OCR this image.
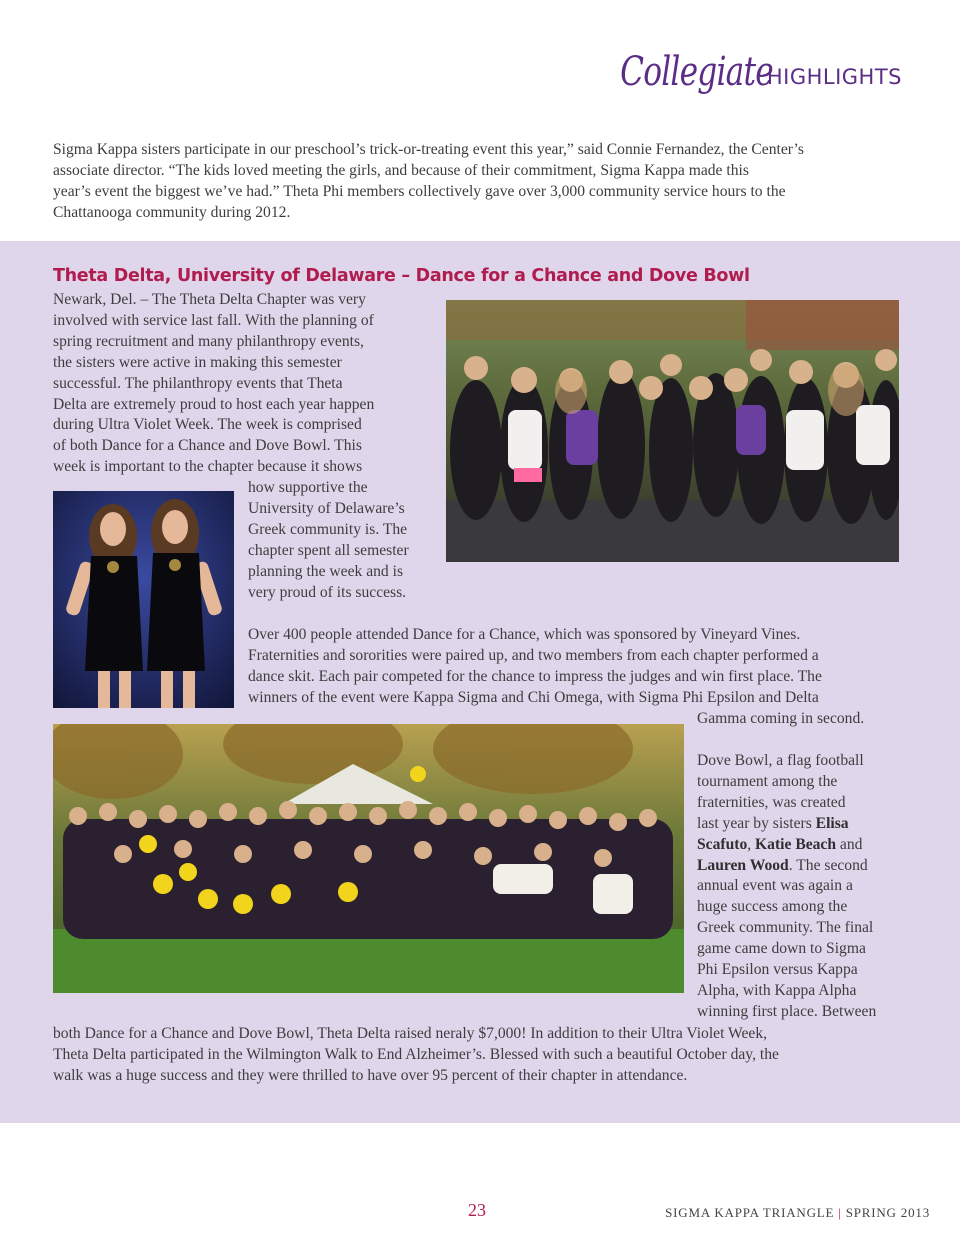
Collegiate
HIGHLIGHTS

Sigma Kappa sisters participate in our preschool’s trick-or-treating event this year,” said Connie Fernandez, the Center’s

associate director. “The kids loved meeting the girls, and because of their commitment, Sigma Kappa made this

year’s event the biggest we’ve had.” Theta Phi members collectively gave over 3,000 community service hours to the

Chattanooga community during 2012.

Theta Delta, University of Delaware – Dance for a Chance and Dove Bowl
Newark, Del. – The Theta Delta Chapter was very
involved with service last fall. With the planning of
spring recruitment and many philanthropy events,
the sisters were active in making this semester
successful. The philanthropy events that Theta
Delta are extremely proud to host each year happen
during Ultra Violet Week. The week is comprised
of both Dance for a Chance and Dove Bowl. This
week is important to the chapter because it shows
how supportive the
University of Delaware’s
Greek community is. The
chapter spent all semester
planning the week and is
very proud of its success.
Over 400 people attended Dance for a Chance, which was sponsored by Vineyard Vines.
Fraternities and sororities were paired up, and two members from each chapter performed a
dance skit. Each pair competed for the chance to impress the judges and win first place. The
winners of the event were Kappa Sigma and Chi Omega, with Sigma Phi Epsilon and Delta
Gamma coming in second.
Dove Bowl, a flag football
tournament among the
fraternities, was created
last year by sisters Elisa
Scafuto, Katie Beach and
Lauren Wood. The second
annual event was again a
huge success among the
Greek community. The final
game came down to Sigma
Phi Epsilon versus Kappa
Alpha, with Kappa Alpha
winning first place. Between
both Dance for a Chance and Dove Bowl, Theta Delta raised neraly $7,000! In addition to their Ultra Violet Week,
Theta Delta participated in the Wilmington Walk to End Alzheimer’s. Blessed with such a beautiful October day, the
walk was a huge success and they were thrilled to have over 95 percent of their chapter in attendance.
23	SIGMA KAPPA TRIANGLE | SPRING 2013
